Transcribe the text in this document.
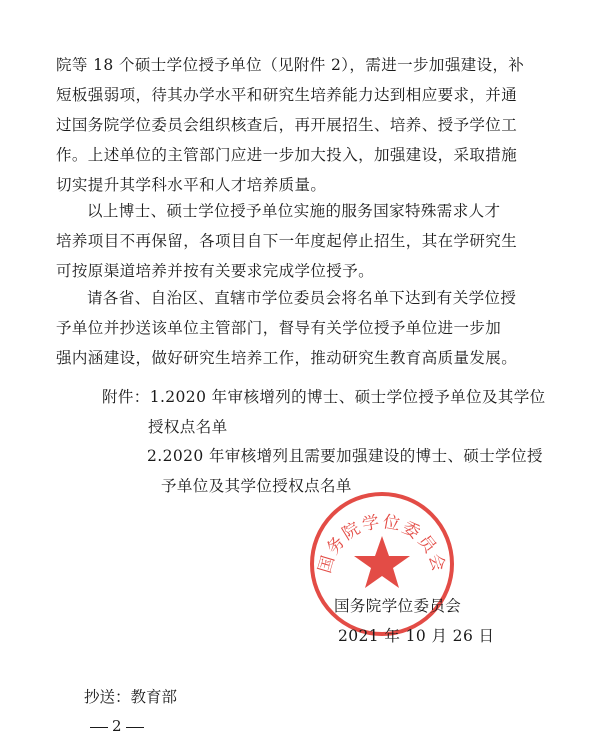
院等 18 个硕士学位授予单位（见附件 2），需进一步加强建设，补
短板强弱项，待其办学水平和研究生培养能力达到相应要求，并通
过国务院学位委员会组织核查后，再开展招生、培养、授予学位工
作。上述单位的主管部门应进一步加大投入，加强建设，采取措施
切实提升其学科水平和人才培养质量。
以上博士、硕士学位授予单位实施的服务国家特殊需求人才
培养项目不再保留，各项目自下一年度起停止招生，其在学研究生
可按原渠道培养并按有关要求完成学位授予。
请各省、自治区、直辖市学位委员会将名单下达到有关学位授
予单位并抄送该单位主管部门，督导有关学位授予单位进一步加
强内涵建设，做好研究生培养工作，推动研究生教育高质量发展。
附件：1.2020 年审核增列的博士、硕士学位授予单位及其学位
授权点名单
2.2020 年审核增列且需要加强建设的博士、硕士学位授
予单位及其学位授权点名单
国务院学位委员会
国务院学位委员会
2021 年 10 月 26 日
抄送：教育部
2
